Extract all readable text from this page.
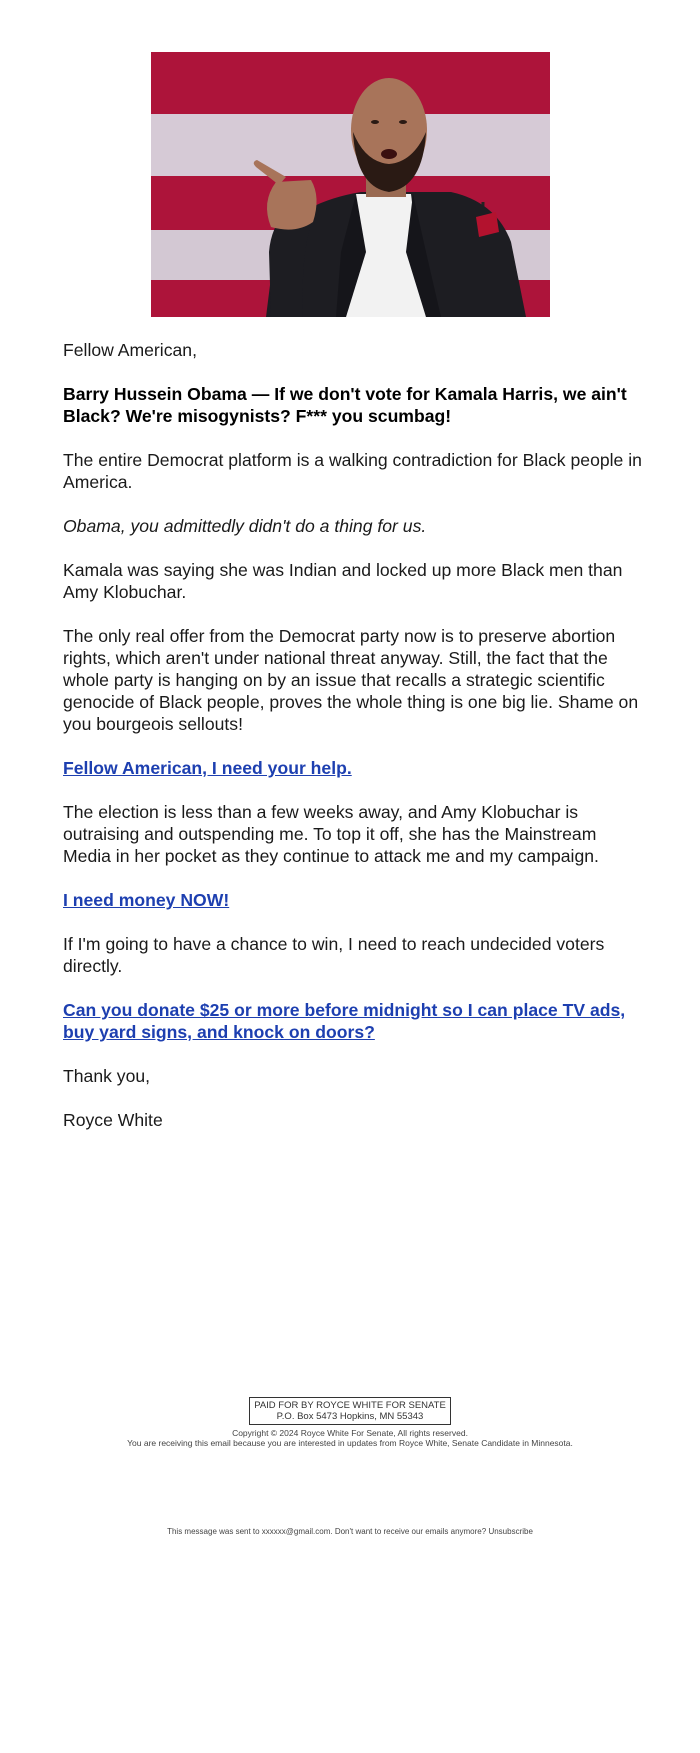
Fellow American,

Barry Hussein Obama — If we don't vote for Kamala Harris, we ain't Black? We're misogynists? F*** you scumbag!

The entire Democrat platform is a walking contradiction for Black people in America.

Obama, you admittedly didn't do a thing for us.

Kamala was saying she was Indian and locked up more Black men than Amy Klobuchar.

The only real offer from the Democrat party now is to preserve abortion rights, which aren't under national threat anyway. Still, the fact that the whole party is hanging on by an issue that recalls a strategic scientific genocide of Black people, proves the whole thing is one big lie. Shame on you bourgeois sellouts!

Fellow American, I need your help.

The election is less than a few weeks away, and Amy Klobuchar is outraising and outspending me. To top it off, she has the Mainstream Media in her pocket as they continue to attack me and my campaign.

I need money NOW!

If I'm going to have a chance to win, I need to reach undecided voters directly.

Can you donate $25 or more before midnight so I can place TV ads, buy yard signs, and knock on doors?

Thank you,

Royce White

PAID FOR BY ROYCE WHITE FOR SENATE
P.O. Box 5473 Hopkins, MN 55343
Copyright © 2024 Royce White For Senate, All rights reserved.
You are receiving this email because you are interested in updates from Royce White, Senate Candidate in Minnesota.
This message was sent to xxxxxx@gmail.com. Don't want to receive our emails anymore? Unsubscribe
